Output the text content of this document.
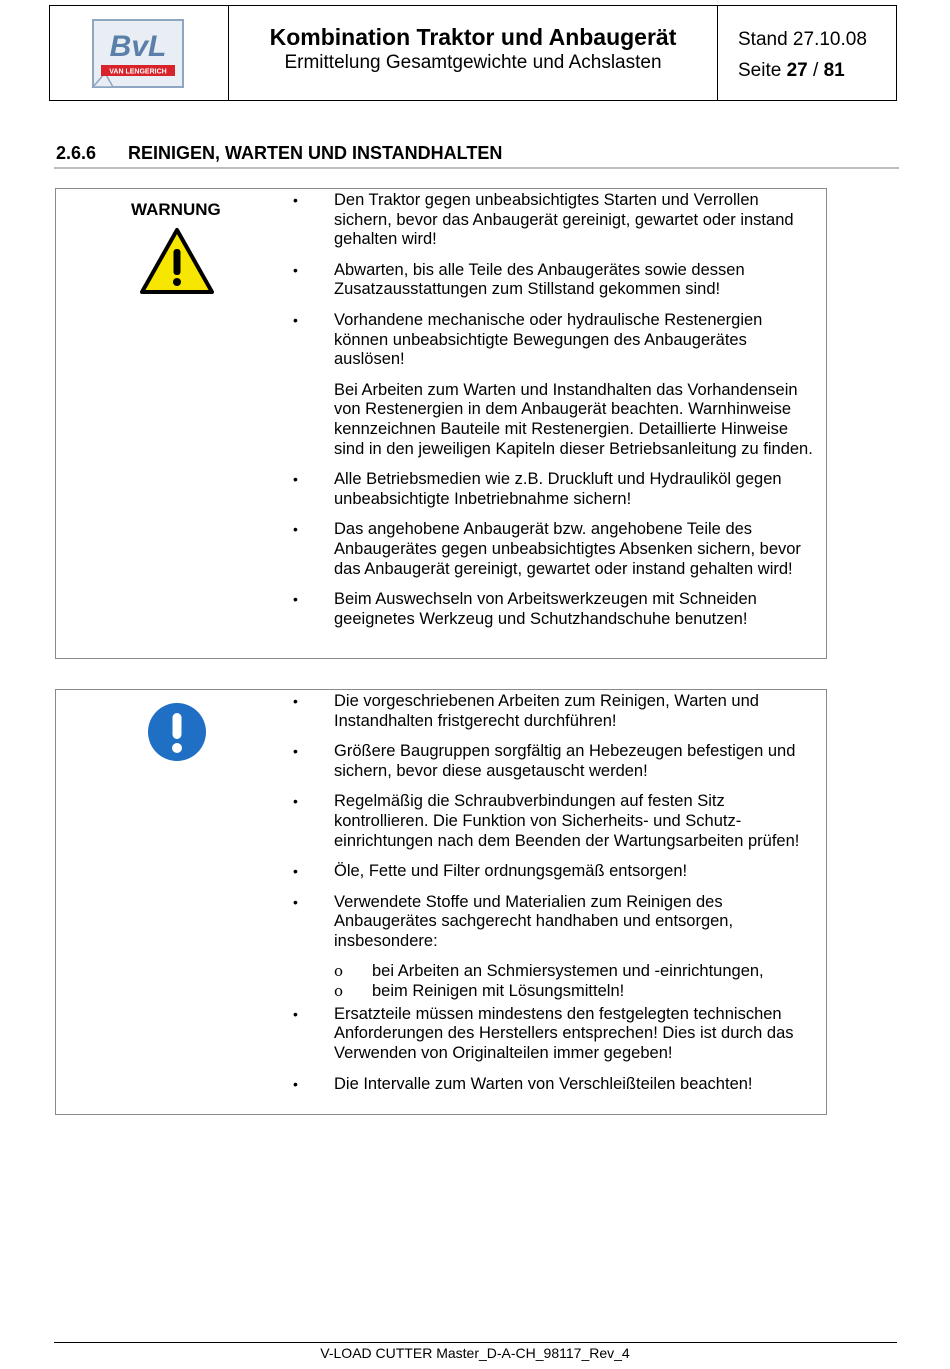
BvL
VAN LENGERICH
Kombination Traktor und Anbaugerät
Ermittelung Gesamtgewichte und Achslasten
Stand 27.10.08
Seite 27 / 81
2.6.6 REINIGEN, WARTEN UND INSTANDHALTEN
WARNUNG
•	Den Traktor gegen unbeabsichtigtes Starten und Verrollen sichern, bevor das Anbaugerät gereinigt, gewartet oder instand gehalten wird!
• Abwarten, bis alle Teile des Anbaugerätes sowie dessen Zusatzausstattungen zum Stillstand gekommen sind!
• Vorhandene mechanische oder hydraulische Restenergien können unbeabsichtigte Bewegungen des Anbaugerätes auslösen!
Bei Arbeiten zum Warten und Instandhalten das Vorhandensein von Restenergien in dem Anbaugerät beachten. Warnhinweise kennzeichnen Bauteile mit Restenergien. Detaillierte Hinweise sind in den jeweiligen Kapiteln dieser Betriebsanleitung zu finden.
• Alle Betriebsmedien wie z.B. Druckluft und Hydrauliköl gegen unbeabsichtigte Inbetriebnahme sichern!
• Das angehobene Anbaugerät bzw. angehobene Teile des Anbaugerätes gegen unbeabsichtigtes Absenken sichern, bevor das Anbaugerät gereinigt, gewartet oder instand gehalten wird!
• Beim Auswechseln von Arbeitswerkzeugen mit Schneiden geeignetes Werkzeug und Schutzhandschuhe benutzen!
• Die vorgeschriebenen Arbeiten zum Reinigen, Warten und Instandhalten fristgerecht durchführen!
• Größere Baugruppen sorgfältig an Hebezeugen befestigen und sichern, bevor diese ausgetauscht werden!
• Regelmäßig die Schraubverbindungen auf festen Sitz kontrollieren. Die Funktion von Sicherheits- und Schutz-einrichtungen nach dem Beenden der Wartungsarbeiten prüfen!
• Öle, Fette und Filter ordnungsgemäß entsorgen!
• Verwendete Stoffe und Materialien zum Reinigen des Anbaugerätes sachgerecht handhaben und entsorgen, insbesondere:
o bei Arbeiten an Schmiersystemen und -einrichtungen,
o beim Reinigen mit Lösungsmitteln!
• Ersatzteile müssen mindestens den festgelegten technischen Anforderungen des Herstellers entsprechen! Dies ist durch das Verwenden von Originalteilen immer gegeben!
• Die Intervalle zum Warten von Verschleißteilen beachten!
V-LOAD CUTTER Master_D-A-CH_98117_Rev_4
